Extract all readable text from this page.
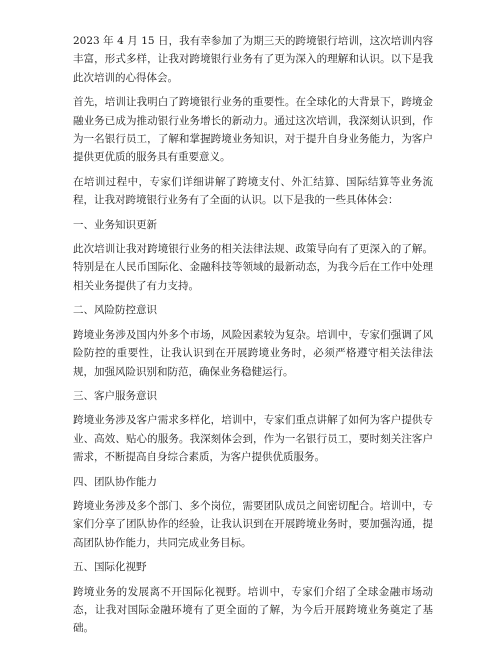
2023 年 4 月 15 日，我有幸参加了为期三天的跨境银行培训，这次培训内容丰富，形式多样，让我对跨境银行业务有了更为深入的理解和认识。以下是我此次培训的心得体会。

首先，培训让我明白了跨境银行业务的重要性。在全球化的大背景下，跨境金融业务已成为推动银行业务增长的新动力。通过这次培训，我深刻认识到，作为一名银行员工，了解和掌握跨境业务知识，对于提升自身业务能力，为客户提供更优质的服务具有重要意义。

在培训过程中，专家们详细讲解了跨境支付、外汇结算、国际结算等业务流程，让我对跨境银行业务有了全面的认识。以下是我的一些具体体会：

一、业务知识更新

此次培训让我对跨境银行业务的相关法律法规、政策导向有了更深入的了解。特别是在人民币国际化、金融科技等领域的最新动态，为我今后在工作中处理相关业务提供了有力支持。

二、风险防控意识

跨境业务涉及国内外多个市场，风险因素较为复杂。培训中，专家们强调了风险防控的重要性，让我认识到在开展跨境业务时，必须严格遵守相关法律法规，加强风险识别和防范，确保业务稳健运行。

三、客户服务意识

跨境业务涉及客户需求多样化，培训中，专家们重点讲解了如何为客户提供专业、高效、贴心的服务。我深刻体会到，作为一名银行员工，要时刻关注客户需求，不断提高自身综合素质，为客户提供优质服务。

四、团队协作能力

跨境业务涉及多个部门、多个岗位，需要团队成员之间密切配合。培训中，专家们分享了团队协作的经验，让我认识到在开展跨境业务时，要加强沟通，提高团队协作能力，共同完成业务目标。

五、国际化视野

跨境业务的发展离不开国际化视野。培训中，专家们介绍了全球金融市场动态，让我对国际金融环境有了更全面的了解，为今后开展跨境业务奠定了基础。
